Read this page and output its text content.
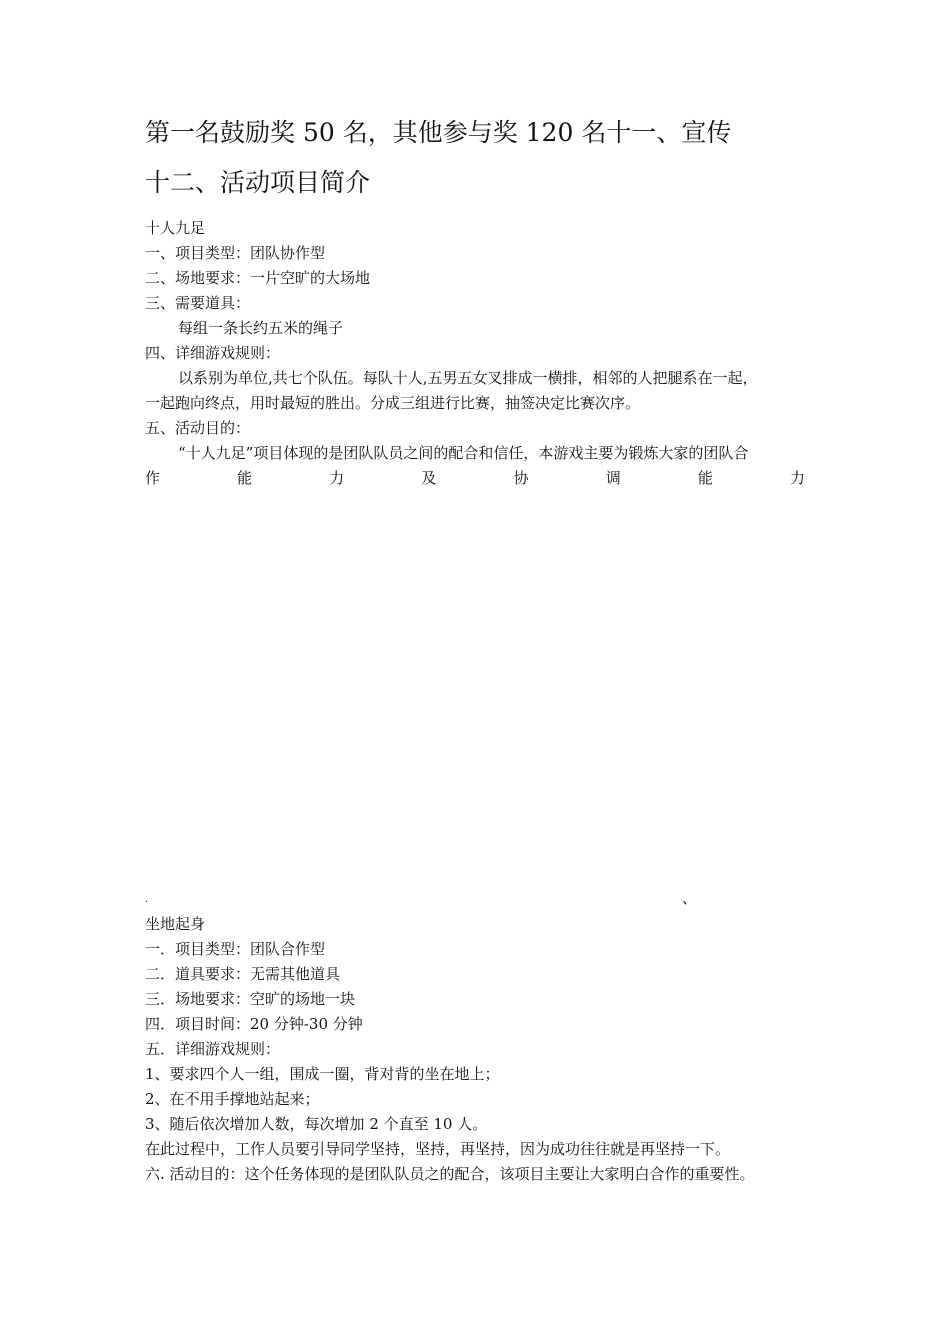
第一名鼓励奖 50 名，其他参与奖 120 名十一、宣传
十二、活动项目简介
十人九足
一、项目类型：团队协作型
二、场地要求：一片空旷的大场地
三、需要道具：
每组一条长约五米的绳子
四、详细游戏规则：
以系别为单位,共七个队伍。每队十人,五男五女叉排成一横排，相邻的人把腿系在一起，
一起跑向终点，用时最短的胜出。分成三组进行比赛，抽签决定比赛次序。
五、活动目的：
“十人九足”项目体现的是团队队员之间的配合和信任，本游戏主要为锻炼大家的团队合
作	能	力	及	协	调	能	力
.	、
坐地起身
一．项目类型：团队合作型
二．道具要求：无需其他道具
三．场地要求：空旷的场地一块
四．项目时间：20 分钟-30 分钟
五．详细游戏规则：
1、要求四个人一组，围成一圈，背对背的坐在地上；
2、在不用手撑地站起来；
3、随后依次增加人数，每次增加 2 个直至 10 人。
在此过程中，工作人员要引导同学坚持，坚持，再坚持，因为成功往往就是再坚持一下。
六. 活动目的：这个任务体现的是团队队员之的配合，该项目主要让大家明白合作的重要性。
